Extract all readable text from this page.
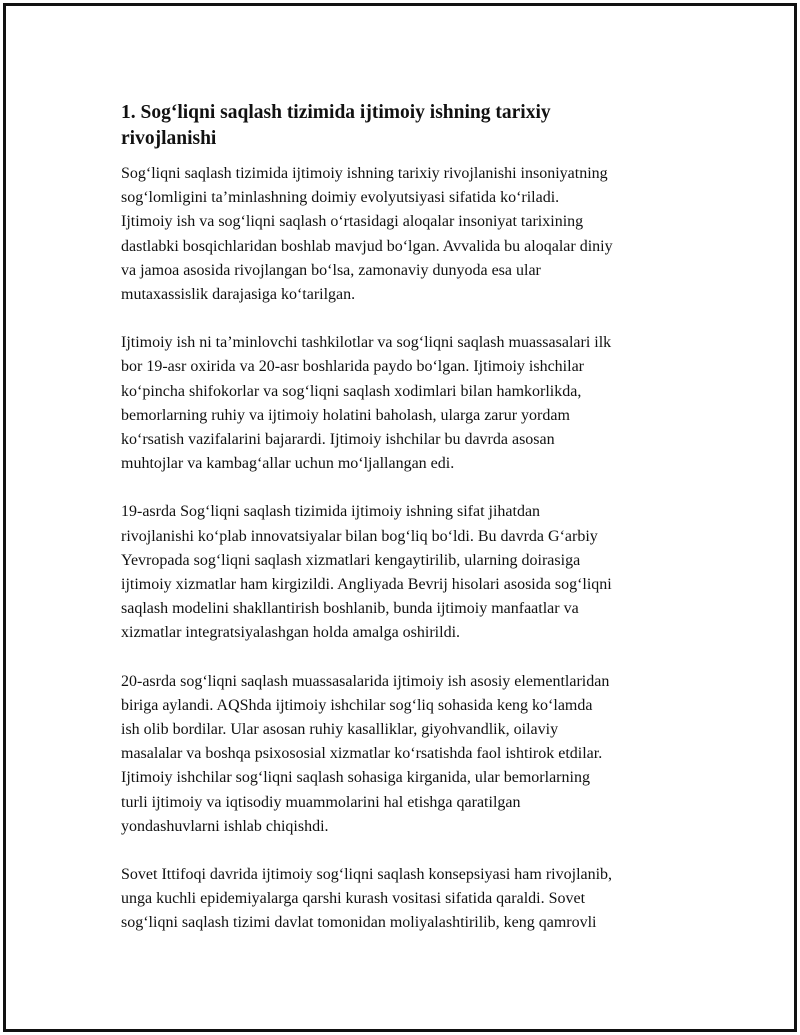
1. Sog‘liqni saqlash tizimida ijtimoiy ishning tarixiy
rivojlanishi
Sog‘liqni saqlash tizimida ijtimoiy ishning tarixiy rivojlanishi insoniyatning
sog‘lomligini ta’minlashning doimiy evolyutsiyasi sifatida ko‘riladi.
Ijtimoiy ish va sog‘liqni saqlash o‘rtasidagi aloqalar insoniyat tarixining
dastlabki bosqichlaridan boshlab mavjud bo‘lgan. Avvalida bu aloqalar diniy
va jamoa asosida rivojlangan bo‘lsa, zamonaviy dunyoda esa ular
mutaxassislik darajasiga ko‘tarilgan.
Ijtimoiy ish ni ta’minlovchi tashkilotlar va sog‘liqni saqlash muassasalari ilk
bor 19-asr oxirida va 20-asr boshlarida paydo bo‘lgan. Ijtimoiy ishchilar
ko‘pincha shifokorlar va sog‘liqni saqlash xodimlari bilan hamkorlikda,
bemorlarning ruhiy va ijtimoiy holatini baholash, ularga zarur yordam
ko‘rsatish vazifalarini bajarardi. Ijtimoiy ishchilar bu davrda asosan
muhtojlar va kambag‘allar uchun mo‘ljallangan edi.
19-asrda Sog‘liqni saqlash tizimida ijtimoiy ishning sifat jihatdan
rivojlanishi ko‘plab innovatsiyalar bilan bog‘liq bo‘ldi. Bu davrda G‘arbiy
Yevropada sog‘liqni saqlash xizmatlari kengaytirilib, ularning doirasiga
ijtimoiy xizmatlar ham kirgizildi. Angliyada Bevrij hisolari asosida sog‘liqni
saqlash modelini shakllantirish boshlanib, bunda ijtimoiy manfaatlar va
xizmatlar integratsiyalashgan holda amalga oshirildi.
20-asrda sog‘liqni saqlash muassasalarida ijtimoiy ish asosiy elementlaridan
biriga aylandi. AQShda ijtimoiy ishchilar sog‘liq sohasida keng ko‘lamda
ish olib bordilar. Ular asosan ruhiy kasalliklar, giyohvandlik, oilaviy
masalalar va boshqa psixososial xizmatlar ko‘rsatishda faol ishtirok etdilar.
Ijtimoiy ishchilar sog‘liqni saqlash sohasiga kirganida, ular bemorlarning
turli ijtimoiy va iqtisodiy muammolarini hal etishga qaratilgan
yondashuvlarni ishlab chiqishdi.
Sovet Ittifoqi davrida ijtimoiy sog‘liqni saqlash konsepsiyasi ham rivojlanib,
unga kuchli epidemiyalarga qarshi kurash vositasi sifatida qaraldi. Sovet
sog‘liqni saqlash tizimi davlat tomonidan moliyalashtirilib, keng qamrovli
